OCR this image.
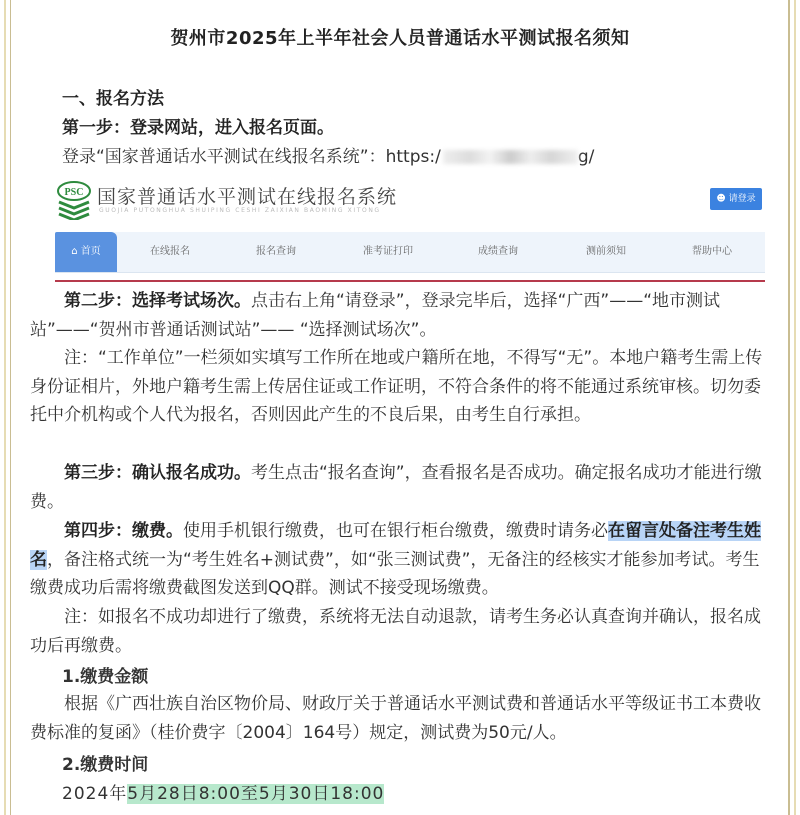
贺州市2025年上半年社会人员普通话水平测试报名须知
一、报名方法
第一步：登录网站，进入报名页面。
登录“国家普通话水平测试在线报名系统”：https:/	g/
PSC 国家普通话水平测试在线报名系统
GUOJIA PUTONGHUA SHUIPING CESHI ZAIXIAN BAOMING XITONG
☻ 请登录
⌂ 首页	在线报名	报名查询	准考证打印	成绩查询	测前须知	帮助中心
第二步：选择考试场次。点击右上角“请登录”，登录完毕后，选择“广西”——“地市测试站”——“贺州市普通话测试站”—— “选择测试场次”。
注：“工作单位”一栏须如实填写工作所在地或户籍所在地，不得写“无”。本地户籍考生需上传身份证相片，外地户籍考生需上传居住证或工作证明，不符合条件的将不能通过系统审核。切勿委托中介机构或个人代为报名，否则因此产生的不良后果，由考生自行承担。
第三步：确认报名成功。考生点击“报名查询”，查看报名是否成功。确定报名成功才能进行缴费。
第四步：缴费。使用手机银行缴费，也可在银行柜台缴费，缴费时请务必在留言处备注考生姓名，备注格式统一为“考生姓名+测试费”，如“张三测试费”，无备注的经核实才能参加考试。考生缴费成功后需将缴费截图发送到QQ群。测试不接受现场缴费。
注：如报名不成功却进行了缴费，系统将无法自动退款，请考生务必认真查询并确认，报名成功后再缴费。
1.缴费金额
根据《广西壮族自治区物价局、财政厅关于普通话水平测试费和普通话水平等级证书工本费收费标准的复函》（桂价费字〔2004〕164号）规定，测试费为50元/人。
2.缴费时间
2024年5月28日8:00至5月30日18:00
